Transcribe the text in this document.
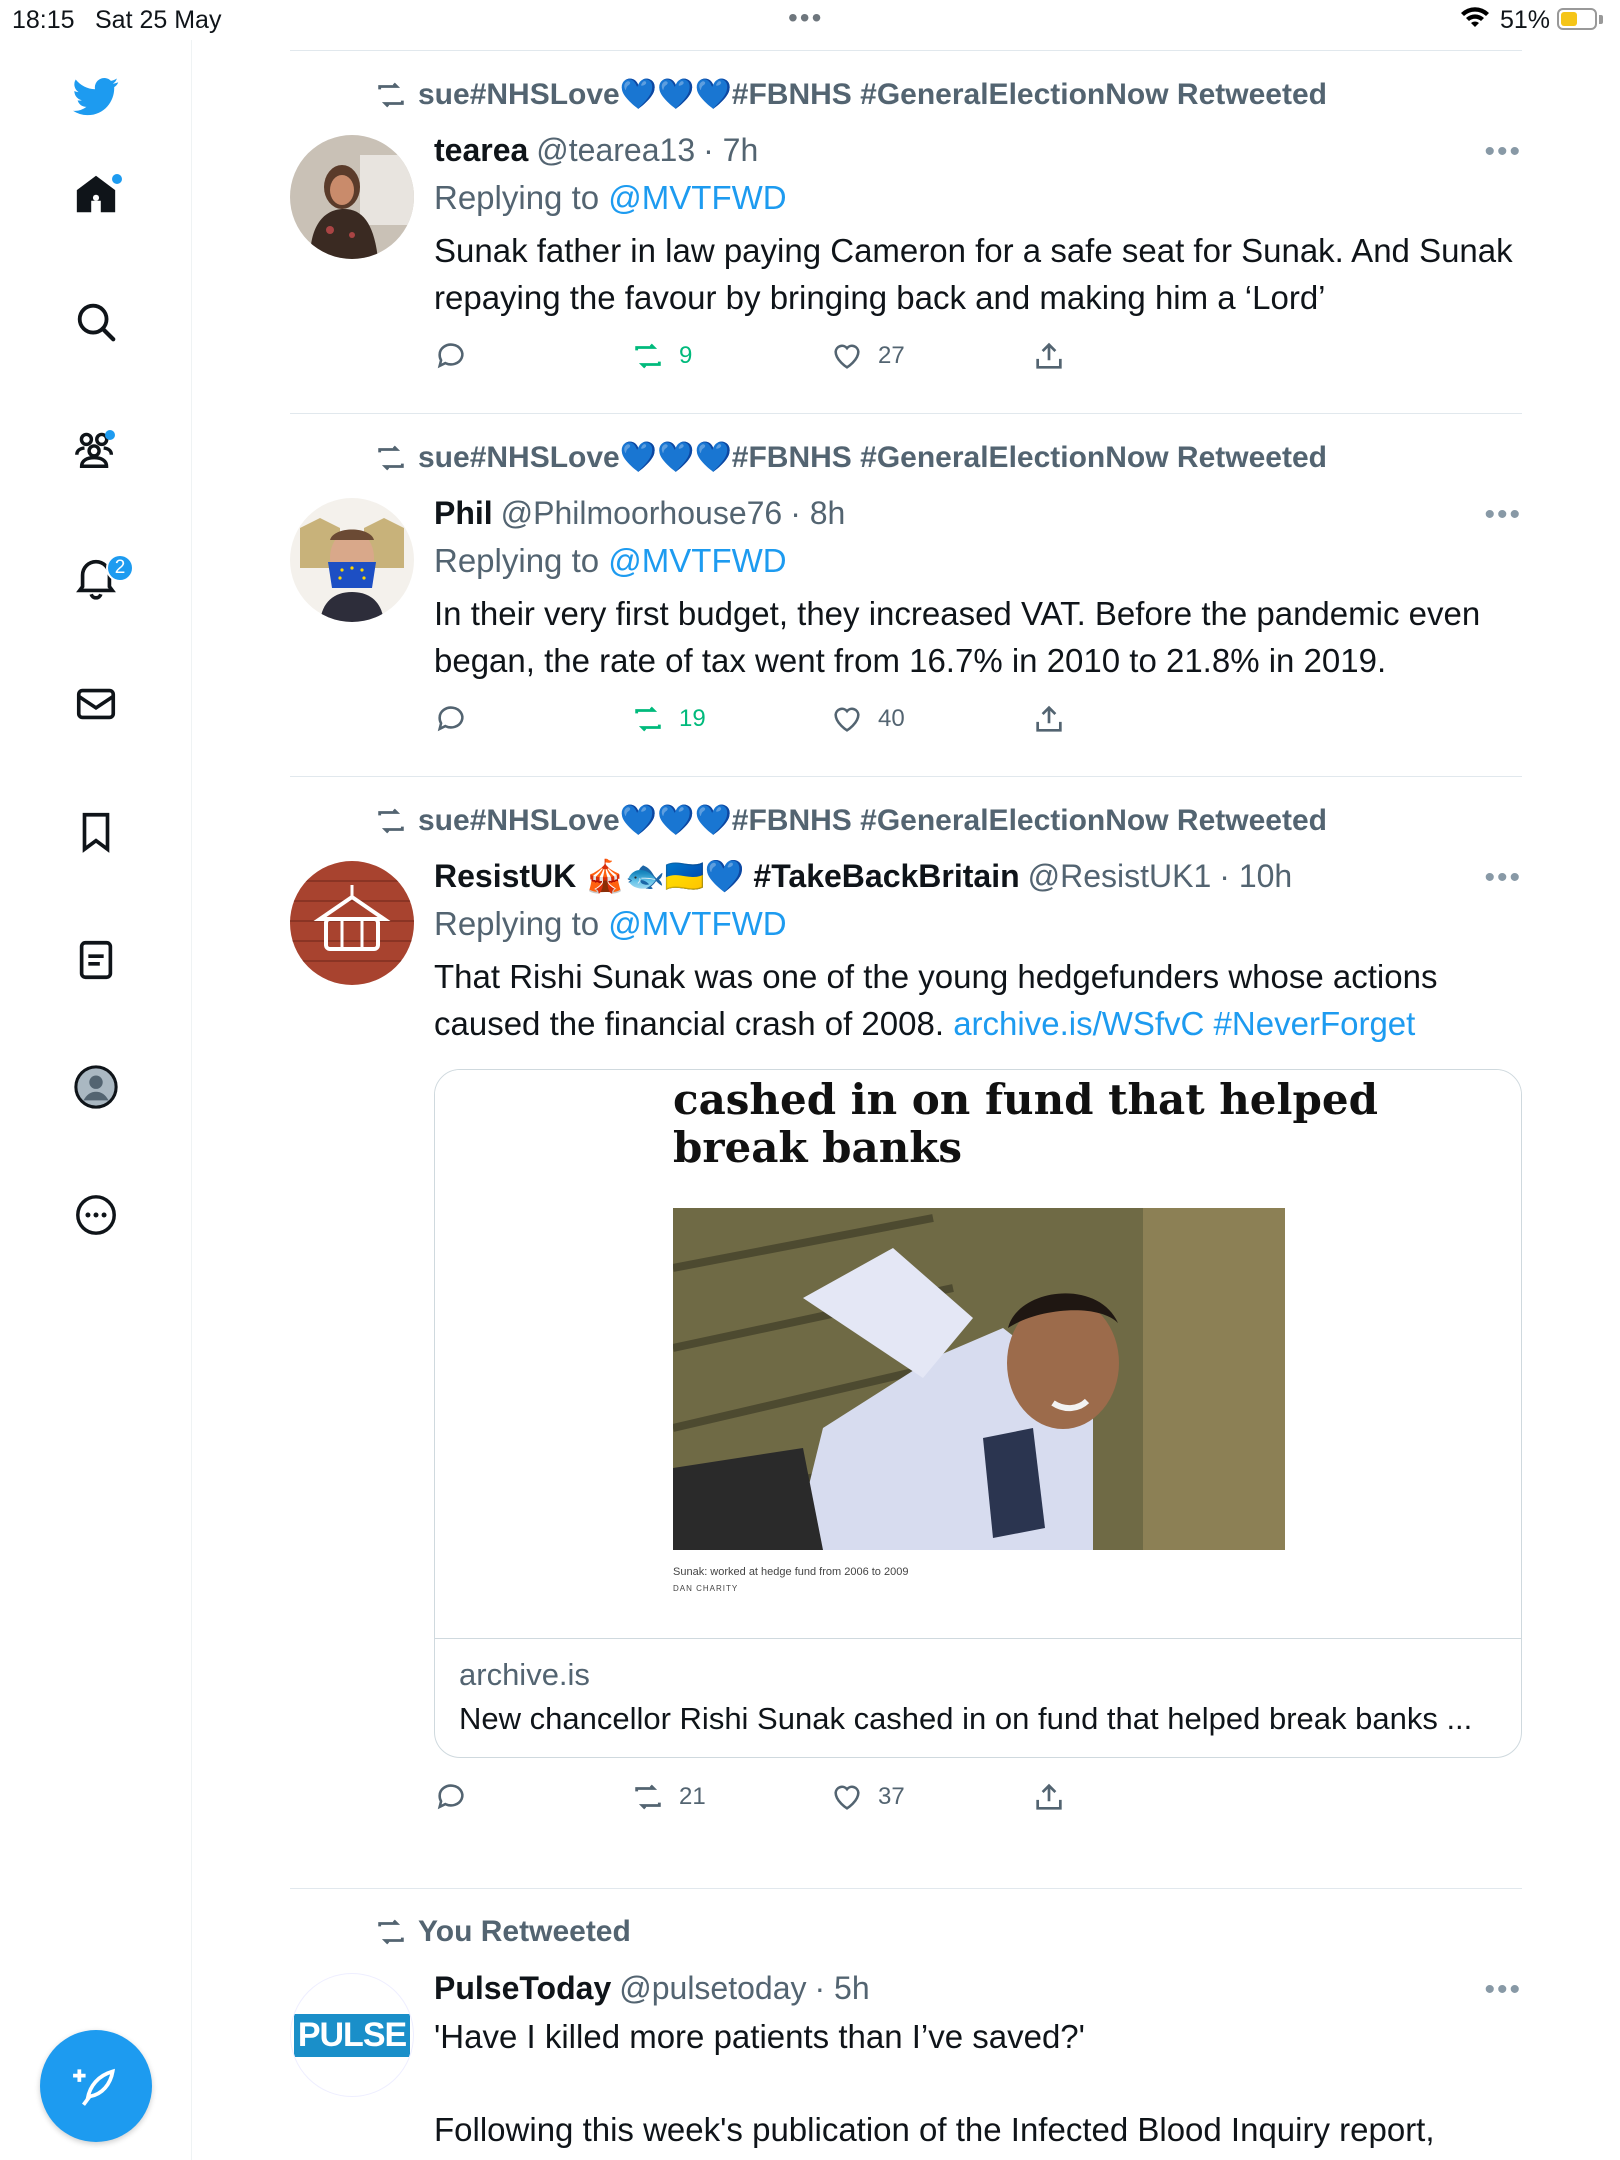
18:15 Sat 25 May	•••	51%
2
sue#NHSLove💙💙💙#FBNHS #GeneralElectionNow Retweeted
tearea @tearea13 · 7h
Replying to @MVTFWD
Sunak father in law paying Cameron for a safe seat for Sunak. And Sunak repaying the favour by bringing back and making him a ‘Lord’
9	27
•••
sue#NHSLove💙💙💙#FBNHS #GeneralElectionNow Retweeted
Phil @Philmoorhouse76 · 8h
Replying to @MVTFWD
In their very first budget, they increased VAT. Before the pandemic even began, the rate of tax went from 16.7% in 2010 to 21.8% in 2019.
19	40
•••
sue#NHSLove💙💙💙#FBNHS #GeneralElectionNow Retweeted
ResistUK 🎪🐟🇺🇦💙 #TakeBackBritain @ResistUK1 · 10h
Replying to @MVTFWD
That Rishi Sunak was one of the young hedgefunders whose actions caused the financial crash of 2008. archive.is/WSfvC #NeverForget
cashed in on fund that helped
break banks
Sunak: worked at hedge fund from 2006 to 2009
DAN CHARITY
archive.is
New chancellor Rishi Sunak cashed in on fund that helped break banks ...
21	37
•••
You Retweeted
PULSE
PulseToday @pulsetoday · 5h
'Have I killed more patients than I’ve saved?'
Following this week's publication of the Infected Blood Inquiry report,
•••
